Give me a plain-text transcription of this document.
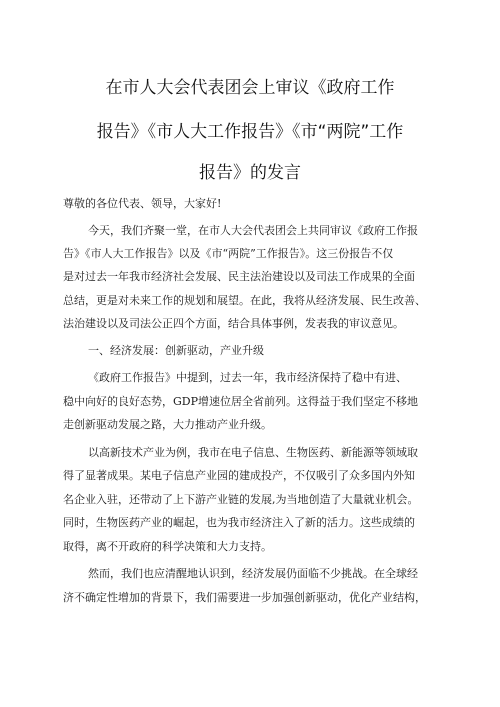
在市人大会代表团会上审议《政府工作
报告》《市人大工作报告》《市“两院”工作
报告》的发言
尊敬的各位代表、领导，大家好!
今天，我们齐聚一堂，在市人大会代表团会上共同审议《政府工作报
告》《市人大工作报告》以及《市“两院”工作报告》。这三份报告不仅
是对过去一年我市经济社会发展、民主法治建设以及司法工作成果的全面
总结，更是对未来工作的规划和展望。在此，我将从经济发展、民生改善、
法治建设以及司法公正四个方面，结合具体事例，发表我的审议意见。
一、经济发展：创新驱动，产业升级
《政府工作报告》中提到，过去一年，我市经济保持了稳中有进、
稳中向好的良好态势，GDP增速位居全省前列。这得益于我们坚定不移地
走创新驱动发展之路，大力推动产业升级。
以高新技术产业为例，我市在电子信息、生物医药、新能源等领域取
得了显著成果。某电子信息产业园的建成投产，不仅吸引了众多国内外知
名企业入驻，还带动了上下游产业链的发展,为当地创造了大量就业机会。
同时，生物医药产业的崛起，也为我市经济注入了新的活力。这些成绩的
取得，离不开政府的科学决策和大力支持。
然而，我们也应清醒地认识到，经济发展仍面临不少挑战。在全球经
济不确定性增加的背景下，我们需要进一步加强创新驱动，优化产业结构，
